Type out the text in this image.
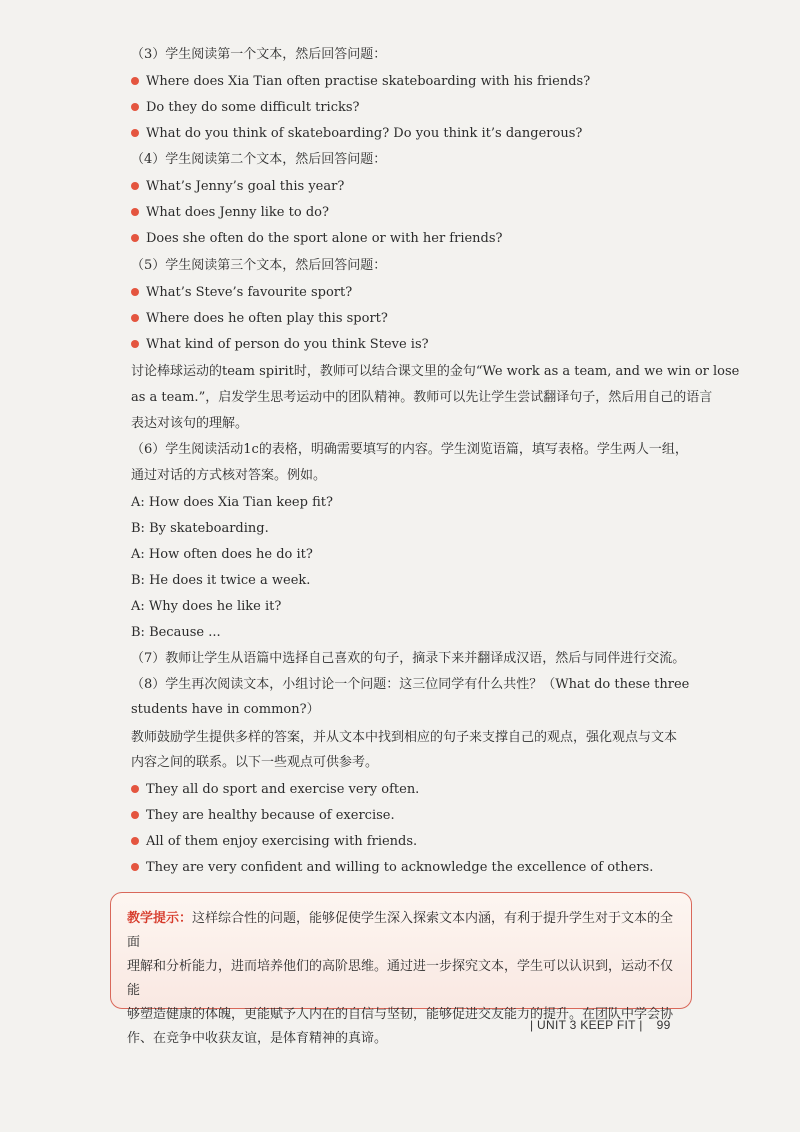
（3）学生阅读第一个文本，然后回答问题：
Where does Xia Tian often practise skateboarding with his friends?
Do they do some difficult tricks?
What do you think of skateboarding? Do you think it’s dangerous?
（4）学生阅读第二个文本，然后回答问题：
What’s Jenny’s goal this year?
What does Jenny like to do?
Does she often do the sport alone or with her friends?
（5）学生阅读第三个文本，然后回答问题：
What’s Steve’s favourite sport?
Where does he often play this sport?
What kind of person do you think Steve is?
讨论棒球运动的team spirit时，教师可以结合课文里的金句“We work as a team, and we win or lose
as a team.”，启发学生思考运动中的团队精神。教师可以先让学生尝试翻译句子，然后用自己的语言
表达对该句的理解。
（6）学生阅读活动1c的表格，明确需要填写的内容。学生浏览语篇，填写表格。学生两人一组，
通过对话的方式核对答案。例如。
A: How does Xia Tian keep fit?
B: By skateboarding.
A: How often does he do it?
B: He does it twice a week.
A: Why does he like it?
B: Because ...
（7）教师让学生从语篇中选择自己喜欢的句子，摘录下来并翻译成汉语，然后与同伴进行交流。
（8）学生再次阅读文本，小组讨论一个问题：这三位同学有什么共性？（What do these three
students have in common?）
教师鼓励学生提供多样的答案，并从文本中找到相应的句子来支撑自己的观点，强化观点与文本
内容之间的联系。以下一些观点可供参考。
They all do sport and exercise very often.
They are healthy because of exercise.
All of them enjoy exercising with friends.
They are very confident and willing to acknowledge the excellence of others.
教学提示：这样综合性的问题，能够促使学生深入探索文本内涵，有利于提升学生对于文本的全面
理解和分析能力，进而培养他们的高阶思维。通过进一步探究文本，学生可以认识到，运动不仅能
够塑造健康的体魄，更能赋予人内在的自信与坚韧，能够促进交友能力的提升。在团队中学会协
作、在竞争中收获友谊，是体育精神的真谛。
| UNIT 3 KEEP FIT | 99
